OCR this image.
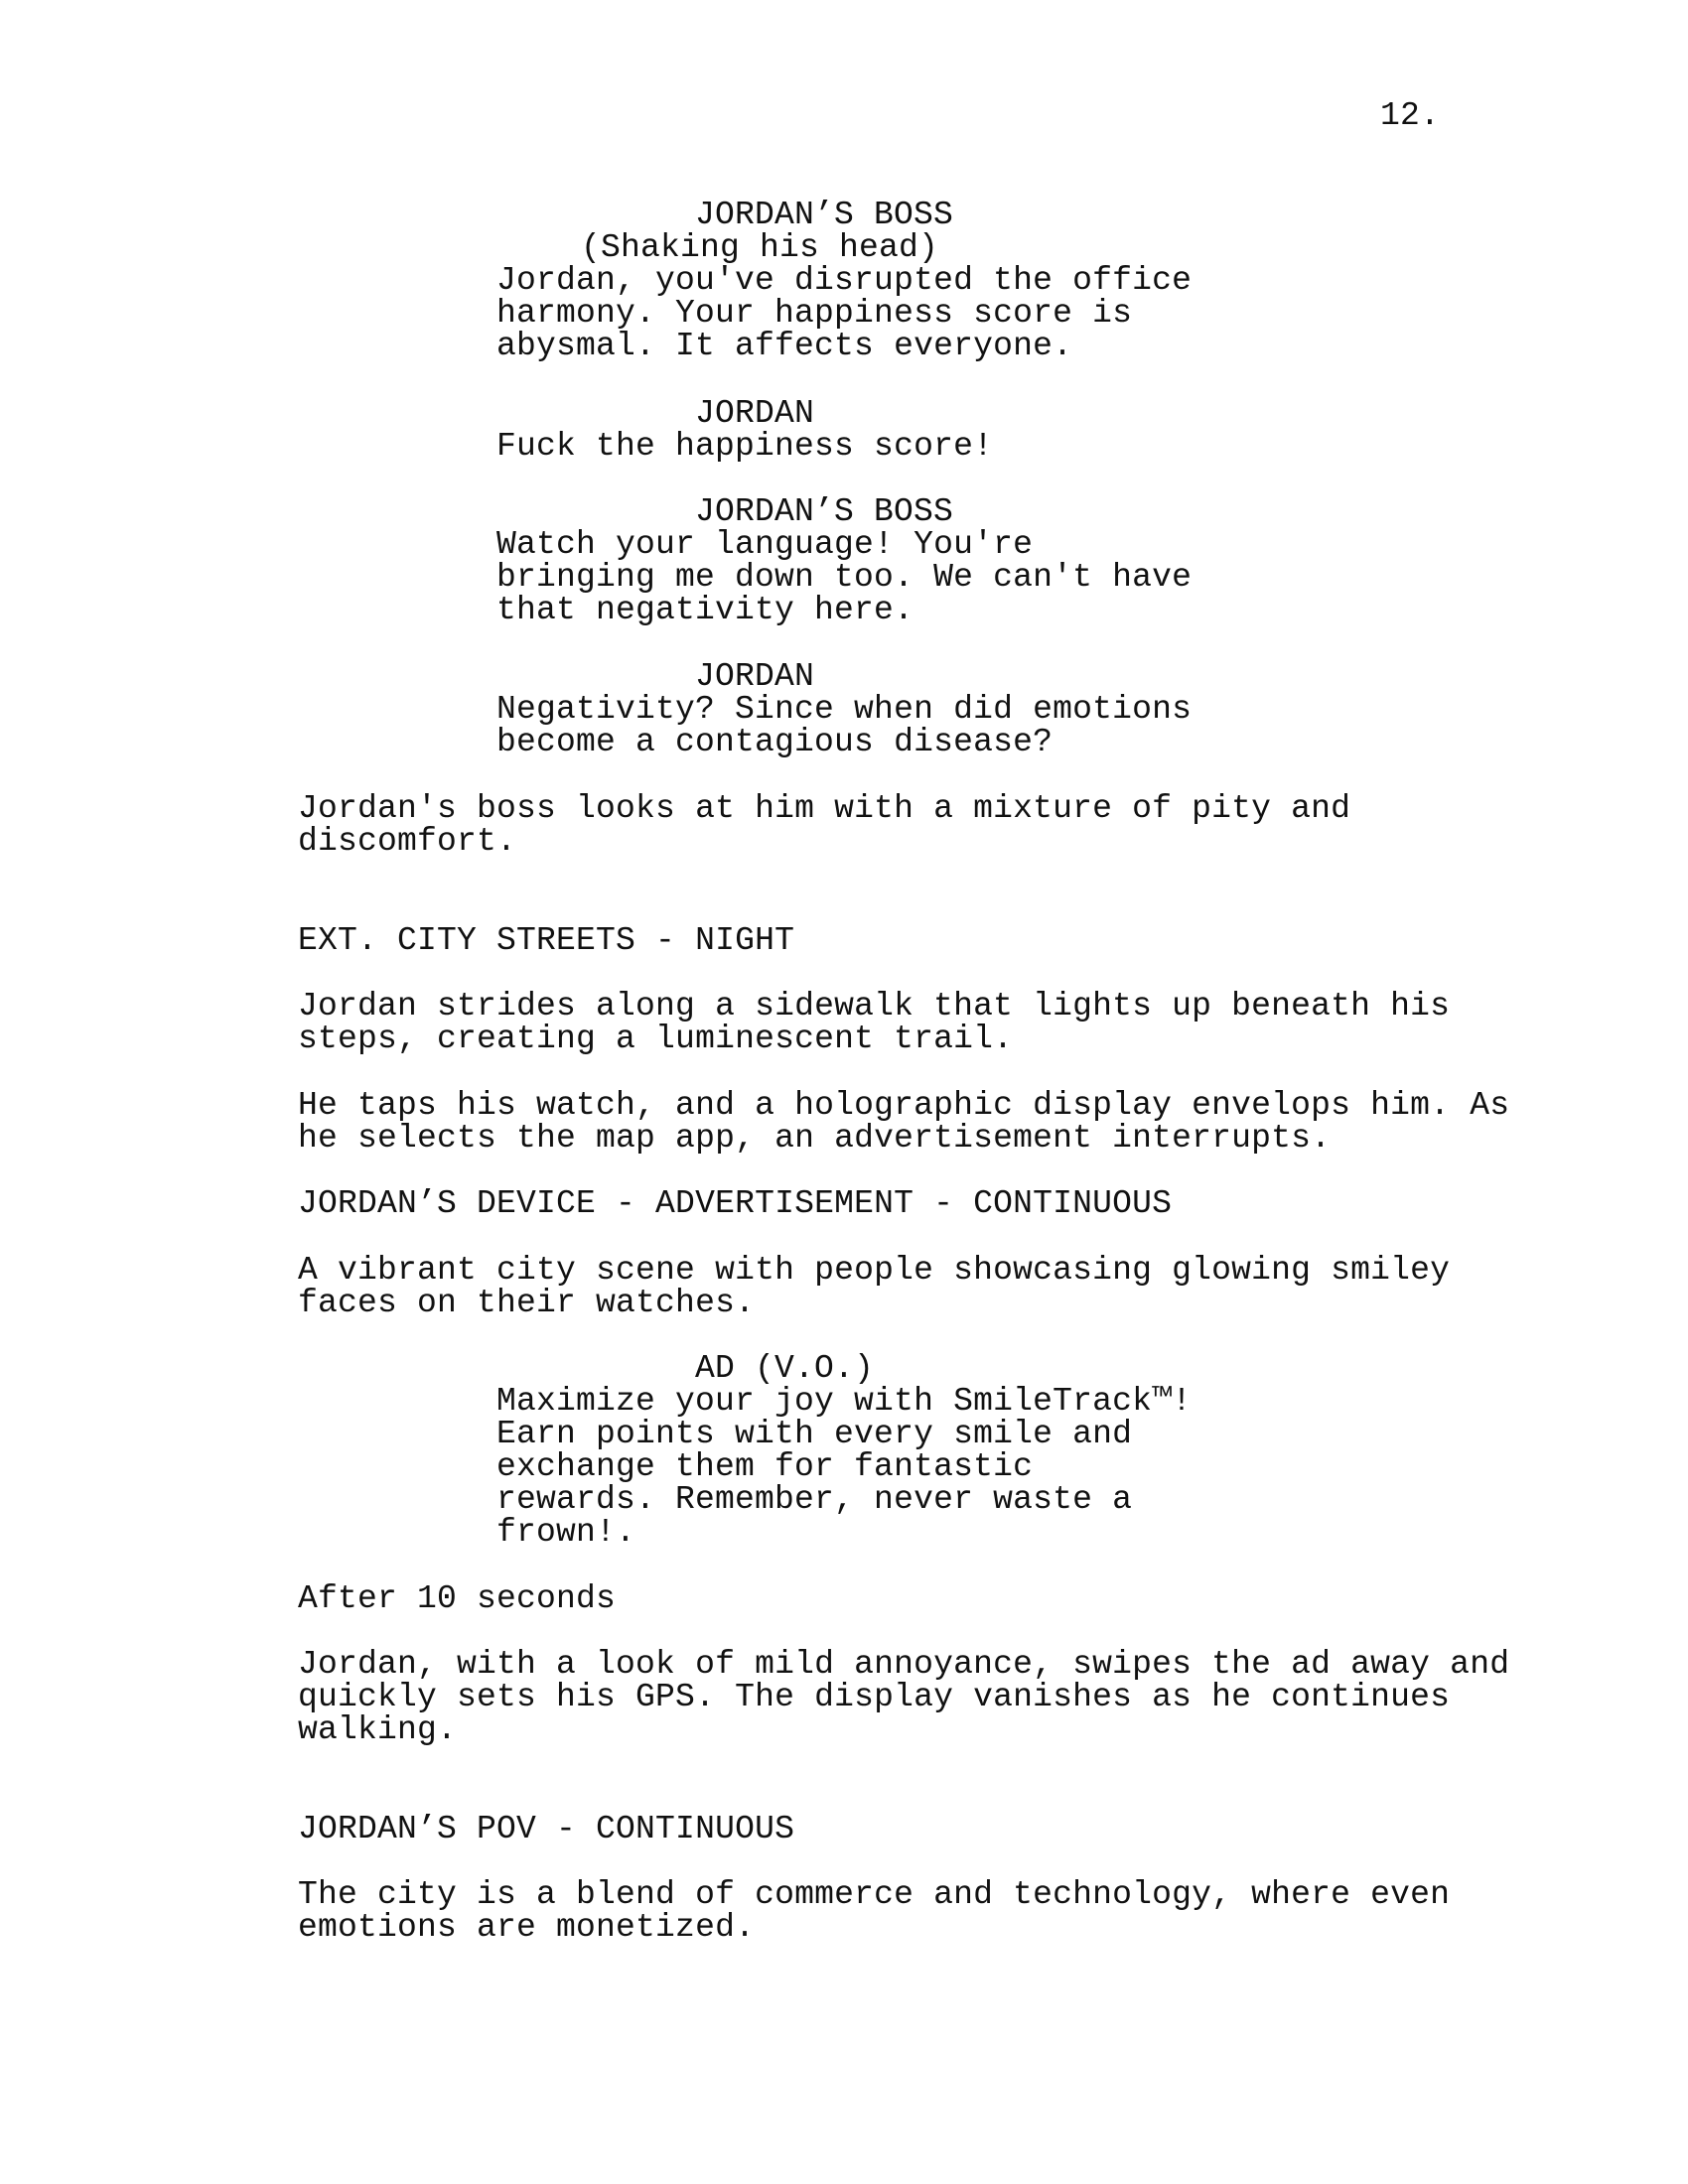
12.
JORDAN’S BOSS
(Shaking his head)
Jordan, you've disrupted the office
harmony. Your happiness score is
abysmal. It affects everyone.
JORDAN
Fuck the happiness score!
JORDAN’S BOSS
Watch your language! You're
bringing me down too. We can't have
that negativity here.
JORDAN
Negativity? Since when did emotions
become a contagious disease?
Jordan's boss looks at him with a mixture of pity and
discomfort.
EXT. CITY STREETS - NIGHT
Jordan strides along a sidewalk that lights up beneath his
steps, creating a luminescent trail.
He taps his watch, and a holographic display envelops him. As
he selects the map app, an advertisement interrupts.
JORDAN’S DEVICE - ADVERTISEMENT - CONTINUOUS
A vibrant city scene with people showcasing glowing smiley
faces on their watches.
AD (V.O.)
Maximize your joy with SmileTrack™!
Earn points with every smile and
exchange them for fantastic
rewards. Remember, never waste a
frown!.
After 10 seconds
Jordan, with a look of mild annoyance, swipes the ad away and
quickly sets his GPS. The display vanishes as he continues
walking.
JORDAN’S POV - CONTINUOUS
The city is a blend of commerce and technology, where even
emotions are monetized.
